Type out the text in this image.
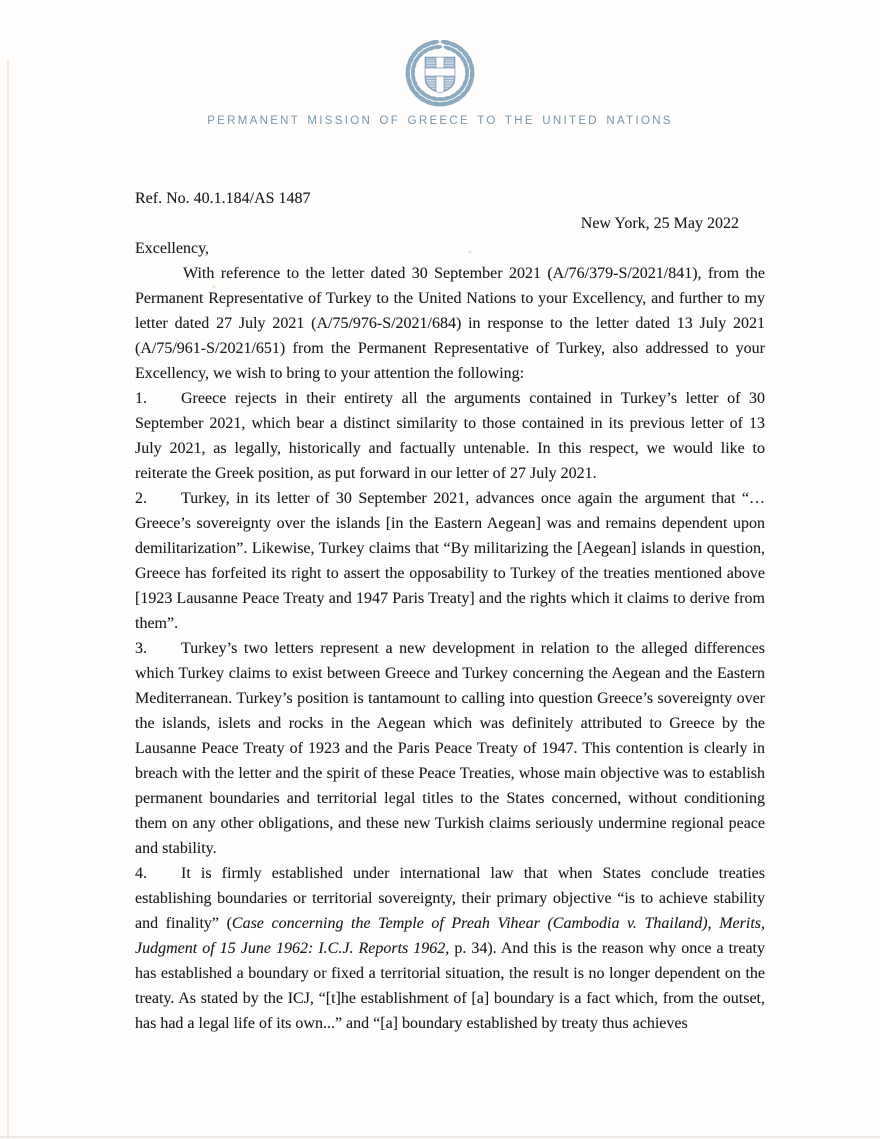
PERMANENT MISSION OF GREECE TO THE UNITED NATIONS

Ref. No. 40.1.184/AS 1487

New York, 25 May 2022

Excellency,

With reference to the letter dated 30 September 2021 (A/76/379-S/2021/841), from the Permanent Representative of Turkey to the United Nations to your Excellency, and further to my letter dated 27 July 2021 (A/75/976-S/2021/684) in response to the letter dated 13 July 2021 (A/75/961-S/2021/651) from the Permanent Representative of Turkey, also addressed to your Excellency, we wish to bring to your attention the following:

1. Greece rejects in their entirety all the arguments contained in Turkey’s letter of 30 September 2021, which bear a distinct similarity to those contained in its previous letter of 13 July 2021, as legally, historically and factually untenable. In this respect, we would like to reiterate the Greek position, as put forward in our letter of 27 July 2021.

2. Turkey, in its letter of 30 September 2021, advances once again the argument that “…Greece’s sovereignty over the islands [in the Eastern Aegean] was and remains dependent upon demilitarization”. Likewise, Turkey claims that “By militarizing the [Aegean] islands in question, Greece has forfeited its right to assert the opposability to Turkey of the treaties mentioned above [1923 Lausanne Peace Treaty and 1947 Paris Treaty] and the rights which it claims to derive from them”.

3. Turkey’s two letters represent a new development in relation to the alleged differences which Turkey claims to exist between Greece and Turkey concerning the Aegean and the Eastern Mediterranean. Turkey’s position is tantamount to calling into question Greece’s sovereignty over the islands, islets and rocks in the Aegean which was definitely attributed to Greece by the Lausanne Peace Treaty of 1923 and the Paris Peace Treaty of 1947. This contention is clearly in breach with the letter and the spirit of these Peace Treaties, whose main objective was to establish permanent boundaries and territorial legal titles to the States concerned, without conditioning them on any other obligations, and these new Turkish claims seriously undermine regional peace and stability.

4. It is firmly established under international law that when States conclude treaties establishing boundaries or territorial sovereignty, their primary objective “is to achieve stability and finality” (Case concerning the Temple of Preah Vihear (Cambodia v. Thailand), Merits, Judgment of 15 June 1962: I.C.J. Reports 1962, p. 34). And this is the reason why once a treaty has established a boundary or fixed a territorial situation, the result is no longer dependent on the treaty. As stated by the ICJ, “[t]he establishment of [a] boundary is a fact which, from the outset, has had a legal life of its own...” and “[a] boundary established by treaty thus achieves
